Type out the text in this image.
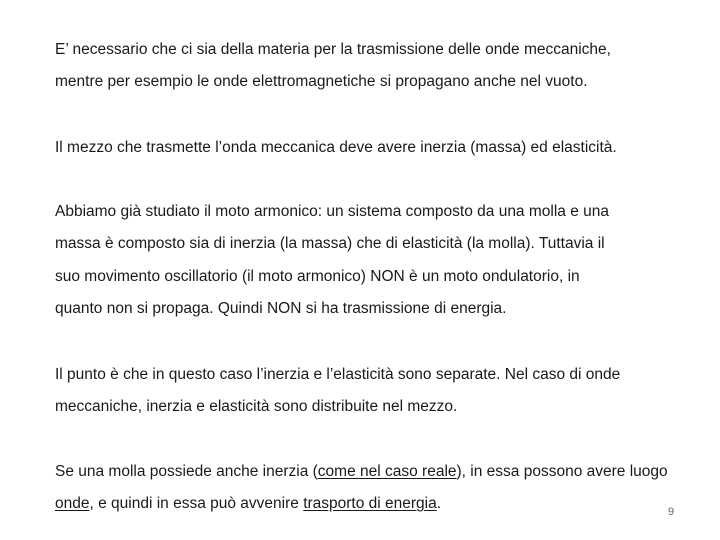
E’ necessario che ci sia della materia per la trasmissione delle onde meccaniche,

mentre per esempio le onde elettromagnetiche si propagano anche nel vuoto.

Il mezzo che trasmette l’onda meccanica deve avere inerzia (massa) ed elasticità.

Abbiamo già studiato il moto armonico: un sistema composto da una molla e una

massa è composto sia di inerzia (la massa) che di elasticità (la molla). Tuttavia il

suo movimento oscillatorio (il moto armonico) NON è un moto ondulatorio, in

quanto non si propaga. Quindi NON si ha trasmissione di energia.

Il punto è che in questo caso l’inerzia e l’elasticità sono separate. Nel caso di onde

meccaniche, inerzia e elasticità sono distribuite nel mezzo.

Se una molla possiede anche inerzia (come nel caso reale), in essa possono avere luogo

onde, e quindi in essa può avvenire trasporto di energia.	9
